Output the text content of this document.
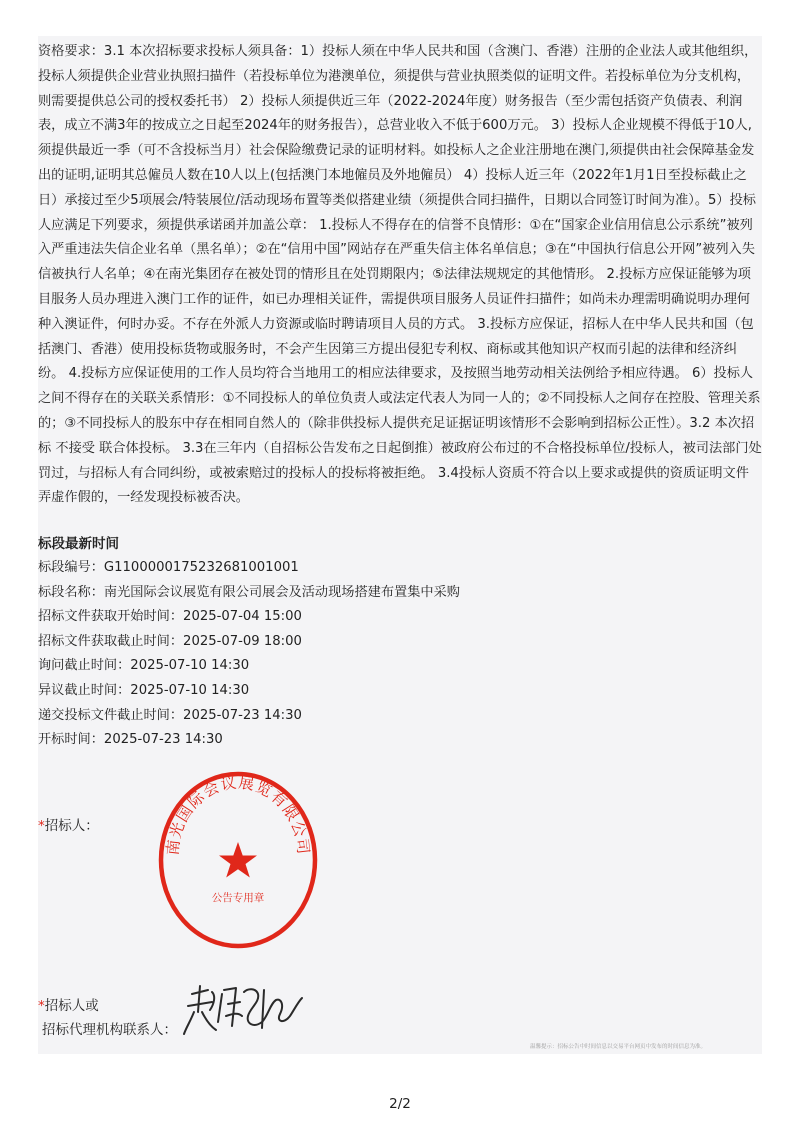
资格要求：3.1 本次招标要求投标人须具备：1）投标人须在中华人民共和国（含澳门、香港）注册的企业法人或其他组织，投标人须提供企业营业执照扫描件（若投标单位为港澳单位，须提供与营业执照类似的证明文件。若投标单位为分支机构，则需要提供总公司的授权委托书） 2）投标人须提供近三年（2022-2024年度）财务报告（至少需包括资产负债表、利润表，成立不满3年的按成立之日起至2024年的财务报告），总营业收入不低于600万元。 3）投标人企业规模不得低于10人,须提供最近一季（可不含投标当月）社会保险缴费记录的证明材料。如投标人之企业注册地在澳门,须提供由社会保障基金发出的证明,证明其总僱员人数在10人以上(包括澳门本地僱员及外地僱员） 4）投标人近三年（2022年1月1日至投标截止之日）承接过至少5项展会/特装展位/活动现场布置等类似搭建业绩（须提供合同扫描件，日期以合同签订时间为准）。5）投标人应满足下列要求，须提供承诺函并加盖公章： 1.投标人不得存在的信誉不良情形：①在“国家企业信用信息公示系统”被列入严重违法失信企业名单（黑名单）；②在“信用中国”网站存在严重失信主体名单信息；③在“中国执行信息公开网”被列入失信被执行人名单；④在南光集团存在被处罚的情形且在处罚期限内；⑤法律法规规定的其他情形。 2.投标方应保证能够为项目服务人员办理进入澳门工作的证件，如已办理相关证件，需提供项目服务人员证件扫描件；如尚未办理需明确说明办理何种入澳证件，何时办妥。不存在外派人力资源或临时聘请项目人员的方式。 3.投标方应保证，招标人在中华人民共和国（包括澳门、香港）使用投标货物或服务时，不会产生因第三方提出侵犯专利权、商标或其他知识产权而引起的法律和经济纠纷。 4.投标方应保证使用的工作人员均符合当地用工的相应法律要求，及按照当地劳动相关法例给予相应待遇。 6）投标人之间不得存在的关联关系情形：①不同投标人的单位负责人或法定代表人为同一人的；②不同投标人之间存在控股、管理关系的；③不同投标人的股东中存在相同自然人的（除非供投标人提供充足证据证明该情形不会影响到招标公正性）。3.2 本次招标 不接受 联合体投标。 3.3在三年内（自招标公告发布之日起倒推）被政府公布过的不合格投标单位/投标人，被司法部门处罚过，与招标人有合同纠纷，或被索赔过的投标人的投标将被拒绝。 3.4投标人资质不符合以上要求或提供的资质证明文件弄虚作假的，一经发现投标被否决。

标段最新时间

标段编号：G1100000175232681001001
标段名称：南光国际会议展览有限公司展会及活动现场搭建布置集中采购
招标文件获取开始时间：2025-07-04 15:00
招标文件获取截止时间：2025-07-09 18:00
询问截止时间：2025-07-10 14:30
异议截止时间：2025-07-10 14:30
递交投标文件截止时间：2025-07-23 14:30
开标时间：2025-07-23 14:30
*招标人：
南光国际会议展览有限公司
公告专用章
*招标人或
招标代理机构联系人：
温馨提示：招标公告中时间信息以交易平台网页中发布的时间信息为准。
2/2
